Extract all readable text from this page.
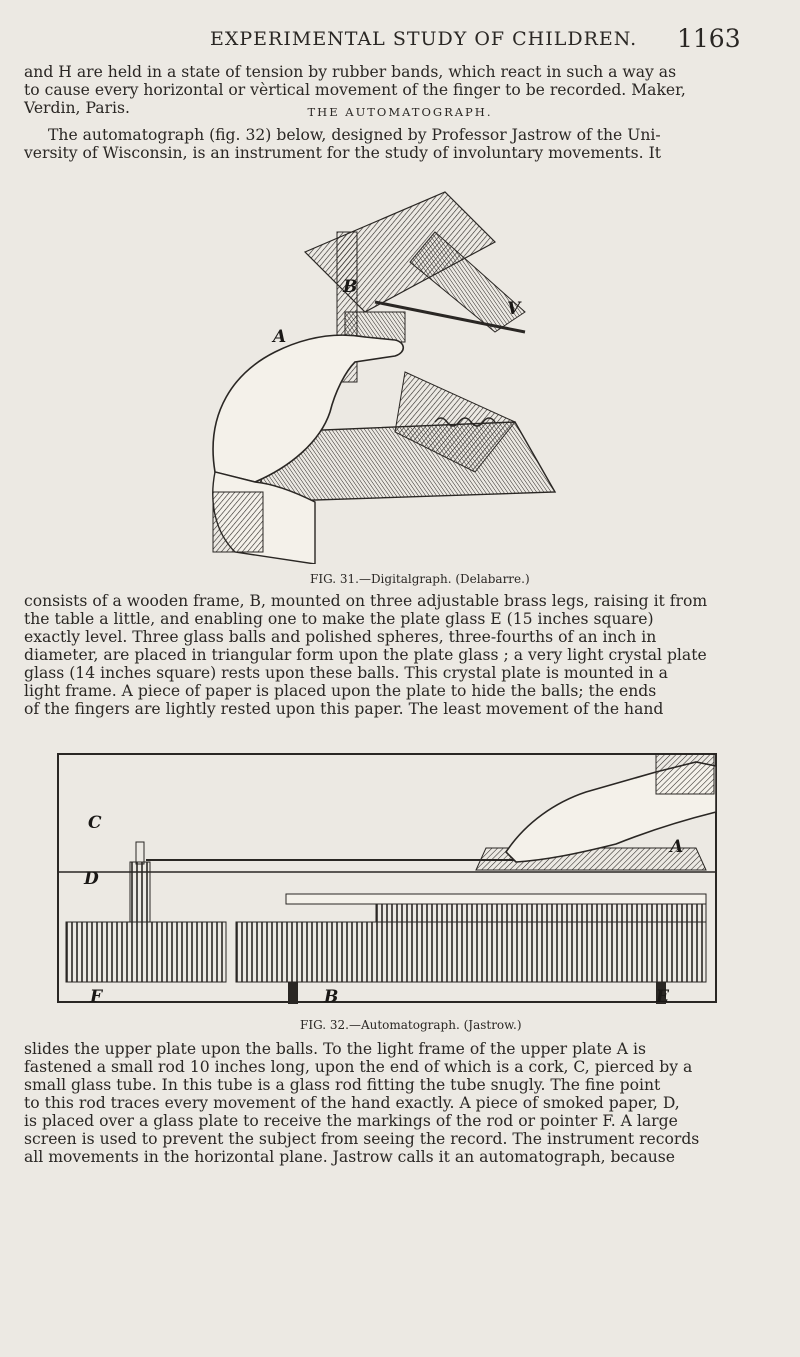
EXPERIMENTAL STUDY OF CHILDREN. 1163
and H are held in a state of tension by rubber bands, which react in such a way as
to cause every horizontal or vèrtical movement of the finger to be recorded. Maker,
Verdin, Paris.	THE AUTOMATOGRAPH.
The automatograph (fig. 32) below, designed by Professor Jastrow of the Uni-
versity of Wisconsin, is an instrument for the study of involuntary movements. It
A
B
V
FIG. 31.—Digitalgraph. (Delabarre.)
consists of a wooden frame, B, mounted on three adjustable brass legs, raising it from
the table a little, and enabling one to make the plate glass E (15 inches square)
exactly level. Three glass balls and polished spheres, three-fourths of an inch in
diameter, are placed in triangular form upon the plate glass ; a very light crystal plate
glass (14 inches square) rests upon these balls. This crystal plate is mounted in a
light frame. A piece of paper is placed upon the plate to hide the balls; the ends
of the fingers are lightly rested upon this paper. The least movement of the hand
C
D
A
F	B	E
FIG. 32.—Automatograph. (Jastrow.)
slides the upper plate upon the balls. To the light frame of the upper plate A is
fastened a small rod 10 inches long, upon the end of which is a cork, C, pierced by a
small glass tube. In this tube is a glass rod fitting the tube snugly. The fine point
to this rod traces every movement of the hand exactly. A piece of smoked paper, D,
is placed over a glass plate to receive the markings of the rod or pointer F. A large
screen is used to prevent the subject from seeing the record. The instrument records
all movements in the horizontal plane. Jastrow calls it an automatograph, because
